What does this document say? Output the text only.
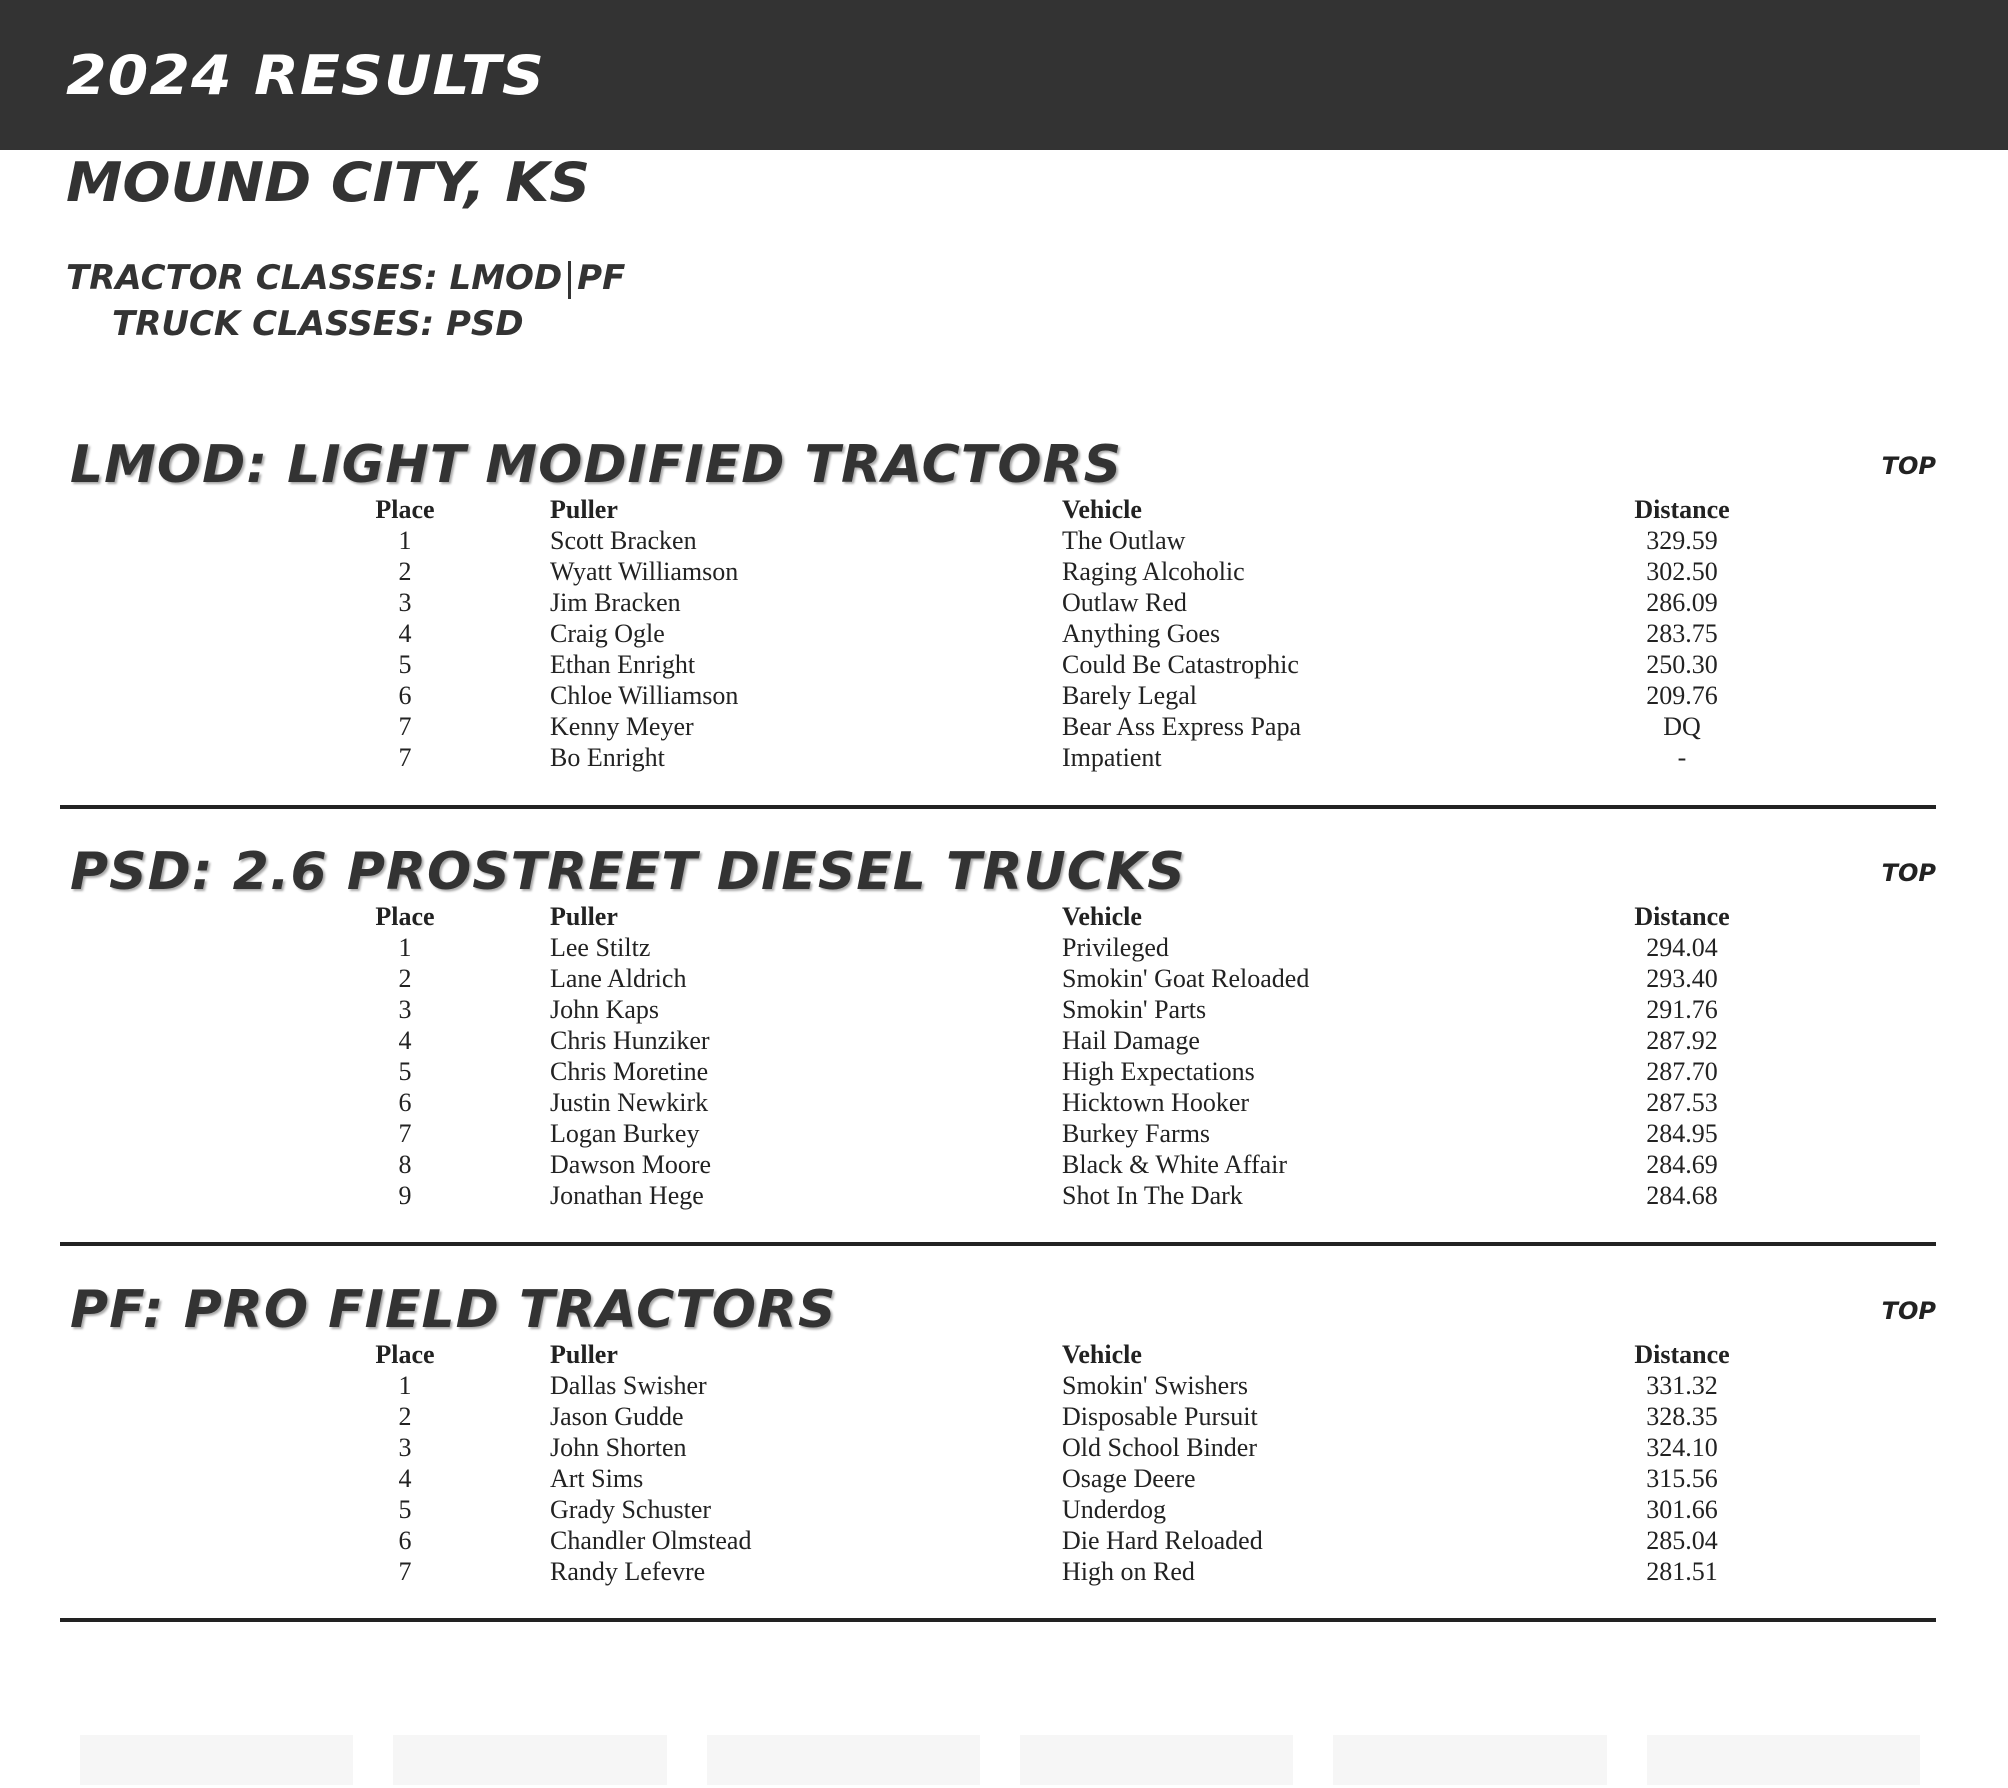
2024 RESULTS
MOUND CITY, KS
TRACTOR CLASSES: LMOD PF
TRUCK CLASSES: PSD
LMOD: LIGHT MODIFIED TRACTORS	TOP
Place	Puller	Vehicle	Distance
1	Scott Bracken	The Outlaw	329.59
2	Wyatt Williamson	Raging Alcoholic	302.50
3	Jim Bracken	Outlaw Red	286.09
4	Craig Ogle	Anything Goes	283.75
5	Ethan Enright	Could Be Catastrophic	250.30
6	Chloe Williamson	Barely Legal	209.76
7	Kenny Meyer	Bear Ass Express Papa	DQ
7	Bo Enright	Impatient	-
PSD: 2.6 PROSTREET DIESEL TRUCKS	TOP
Place	Puller	Vehicle	Distance
1	Lee Stiltz	Privileged	294.04
2	Lane Aldrich	Smokin' Goat Reloaded	293.40
3	John Kaps	Smokin' Parts	291.76
4	Chris Hunziker	Hail Damage	287.92
5	Chris Moretine	High Expectations	287.70
6	Justin Newkirk	Hicktown Hooker	287.53
7	Logan Burkey	Burkey Farms	284.95
8	Dawson Moore	Black & White Affair	284.69
9	Jonathan Hege	Shot In The Dark	284.68
PF: PRO FIELD TRACTORS	TOP
Place	Puller	Vehicle	Distance
1	Dallas Swisher	Smokin' Swishers	331.32
2	Jason Gudde	Disposable Pursuit	328.35
3	John Shorten	Old School Binder	324.10
4	Art Sims	Osage Deere	315.56
5	Grady Schuster	Underdog	301.66
6	Chandler Olmstead	Die Hard Reloaded	285.04
7	Randy Lefevre	High on Red	281.51
